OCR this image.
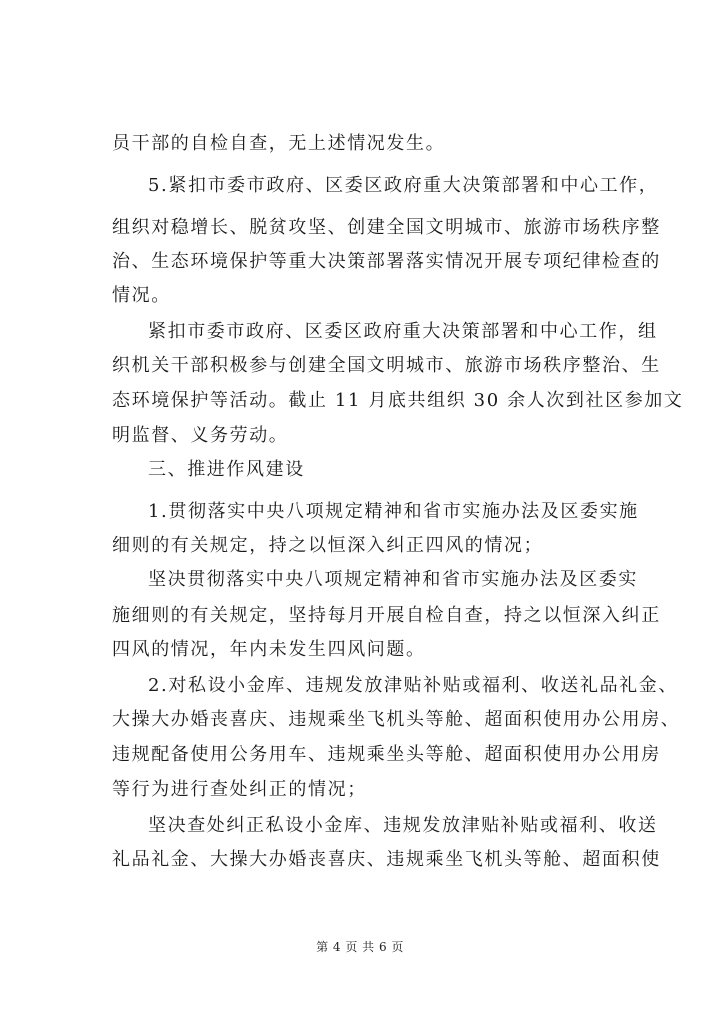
员干部的自检自查，无上述情况发生。
5.紧扣市委市政府、区委区政府重大决策部署和中心工作，
组织对稳增长、脱贫攻坚、创建全国文明城市、旅游市场秩序整
治、生态环境保护等重大决策部署落实情况开展专项纪律检查的
情况。
紧扣市委市政府、区委区政府重大决策部署和中心工作，组
织机关干部积极参与创建全国文明城市、旅游市场秩序整治、生
态环境保护等活动。截止 11 月底共组织 30 余人次到社区参加文
明监督、义务劳动。
三、推进作风建设
1.贯彻落实中央八项规定精神和省市实施办法及区委实施
细则的有关规定，持之以恒深入纠正四风的情况；
坚决贯彻落实中央八项规定精神和省市实施办法及区委实
施细则的有关规定，坚持每月开展自检自查，持之以恒深入纠正
四风的情况，年内未发生四风问题。
2.对私设小金库、违规发放津贴补贴或福利、收送礼品礼金、
大操大办婚丧喜庆、违规乘坐飞机头等舱、超面积使用办公用房、
违规配备使用公务用车、违规乘坐头等舱、超面积使用办公用房
等行为进行查处纠正的情况；
坚决查处纠正私设小金库、违规发放津贴补贴或福利、收送
礼品礼金、大操大办婚丧喜庆、违规乘坐飞机头等舱、超面积使
第 4 页 共 6 页
